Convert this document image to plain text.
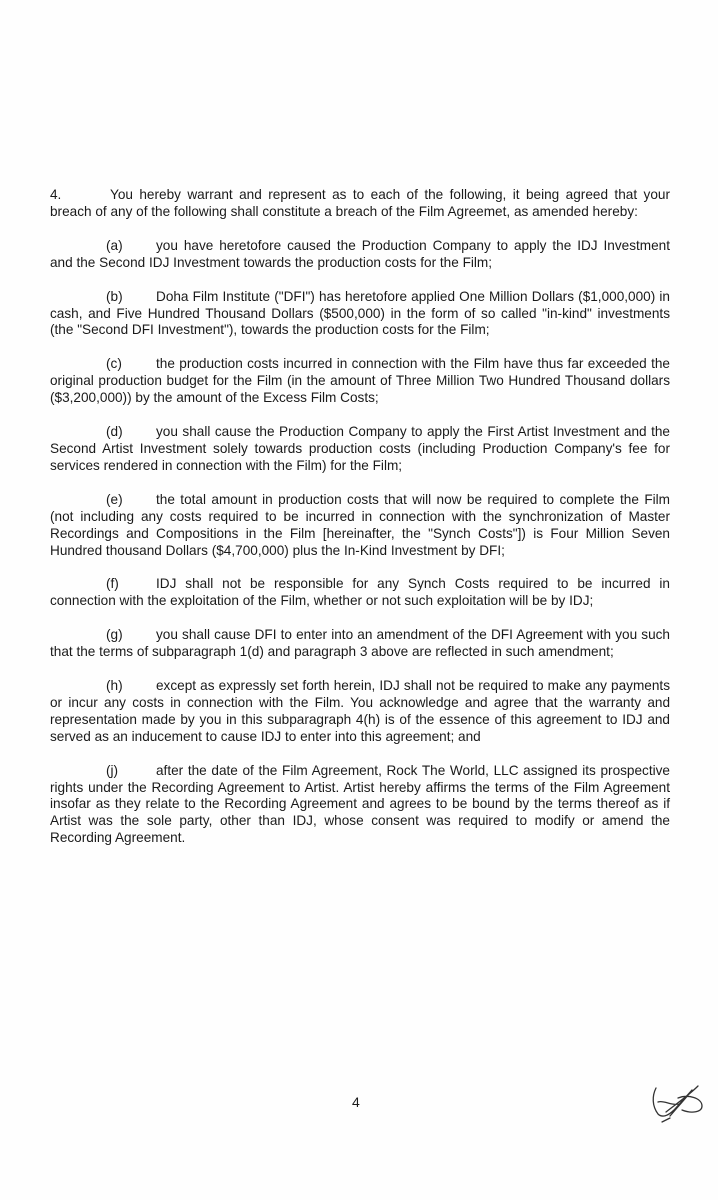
4.	You hereby warrant and represent as to each of the following, it being agreed that your breach of any of the following shall constitute a breach of the Film Agreemet, as amended hereby:

(a) you have heretofore caused the Production Company to apply the IDJ Investment and the Second IDJ Investment towards the production costs for the Film;

(b) Doha Film Institute ("DFI") has heretofore applied One Million Dollars ($1,000,000) in cash, and Five Hundred Thousand Dollars ($500,000) in the form of so called "in-kind" investments (the "Second DFI Investment"), towards the production costs for the Film;

(c)	the production costs incurred in connection with the Film have thus far exceeded the original production budget for the Film (in the amount of Three Million Two Hundred Thousand dollars ($3,200,000)) by the amount of the Excess Film Costs;

(d) you shall cause the Production Company to apply the First Artist Investment and the Second Artist Investment solely towards production costs (including Production Company's fee for services rendered in connection with the Film) for the Film;

(e) the total amount in production costs that will now be required to complete the Film (not including any costs required to be incurred in connection with the synchronization of Master Recordings and Compositions in the Film [hereinafter, the "Synch Costs"]) is Four Million Seven Hundred thousand Dollars ($4,700,000) plus the In-Kind Investment by DFI;

(f)	IDJ shall not be responsible for any Synch Costs required to be incurred in connection with the exploitation of the Film, whether or not such exploitation will be by IDJ;

(g) you shall cause DFI to enter into an amendment of the DFI Agreement with you such that the terms of subparagraph 1(d) and paragraph 3 above are reflected in such amendment;

(h) except as expressly set forth herein, IDJ shall not be required to make any payments or incur any costs in connection with the Film. You acknowledge and agree that the warranty and representation made by you in this subparagraph 4(h) is of the essence of this agreement to IDJ and served as an inducement to cause IDJ to enter into this agreement; and

(j)	after the date of the Film Agreement, Rock The World, LLC assigned its prospective rights under the Recording Agreement to Artist. Artist hereby affirms the terms of the Film Agreement insofar as they relate to the Recording Agreement and agrees to be bound by the terms thereof as if Artist was the sole party, other than IDJ, whose consent was required to modify or amend the Recording Agreement.

4
